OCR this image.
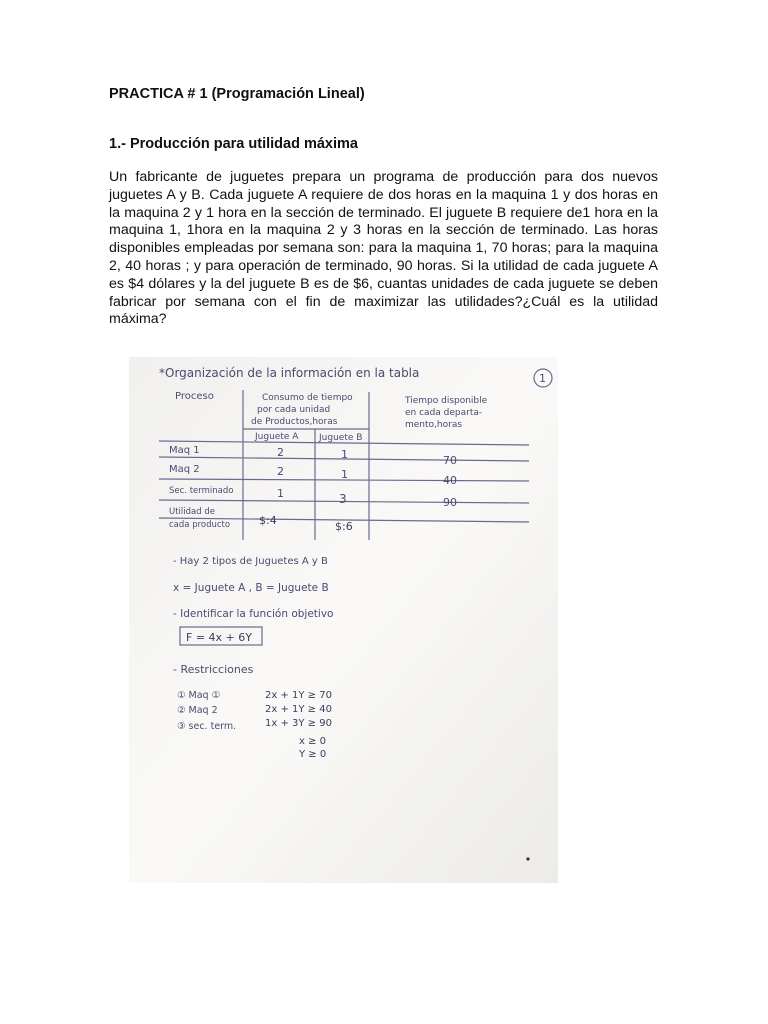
PRACTICA # 1 (Programación Lineal)
1.- Producción para utilidad máxima

Un fabricante de juguetes prepara un programa de producción para dos nuevos juguetes A y B. Cada juguete A requiere de dos horas en la maquina 1 y dos horas en la maquina 2 y 1 hora en la sección de terminado. El juguete B requiere de1 hora en la maquina 1, 1hora en la maquina 2 y 3 horas en la sección de terminado. Las horas disponibles empleadas por semana son: para la maquina 1, 70 horas; para la maquina 2, 40 horas ; y para operación de terminado, 90 horas. Si la utilidad de cada juguete A es $4 dólares y la del juguete B es de $6, cuantas unidades de cada juguete se deben fabricar por semana con el fin de maximizar las utilidades?¿Cuál es la utilidad máxima?

*Organización de la información en la tabla	1
Proceso	Consumo de tiempo
por cada unidad
de Productos,horas
Tiempo disponible
en cada departa-
mento,horas
Juguete A Juguete B
Maq 1	2	1	70
Maq 2	2	1	40
Sec. terminado	1	3	90
Utilidad de
cada producto	$:4	$:6
- Hay 2 tipos de Juguetes A y B
x = Juguete A , B = Juguete B
- Identificar la función objetivo
F = 4x + 6Y
- Restricciones
① Maq ①	2x + 1Y ≥ 70
② Maq 2	2x + 1Y ≥ 40
③ sec. term.	1x + 3Y ≥ 90
x ≥ 0
Y ≥ 0
